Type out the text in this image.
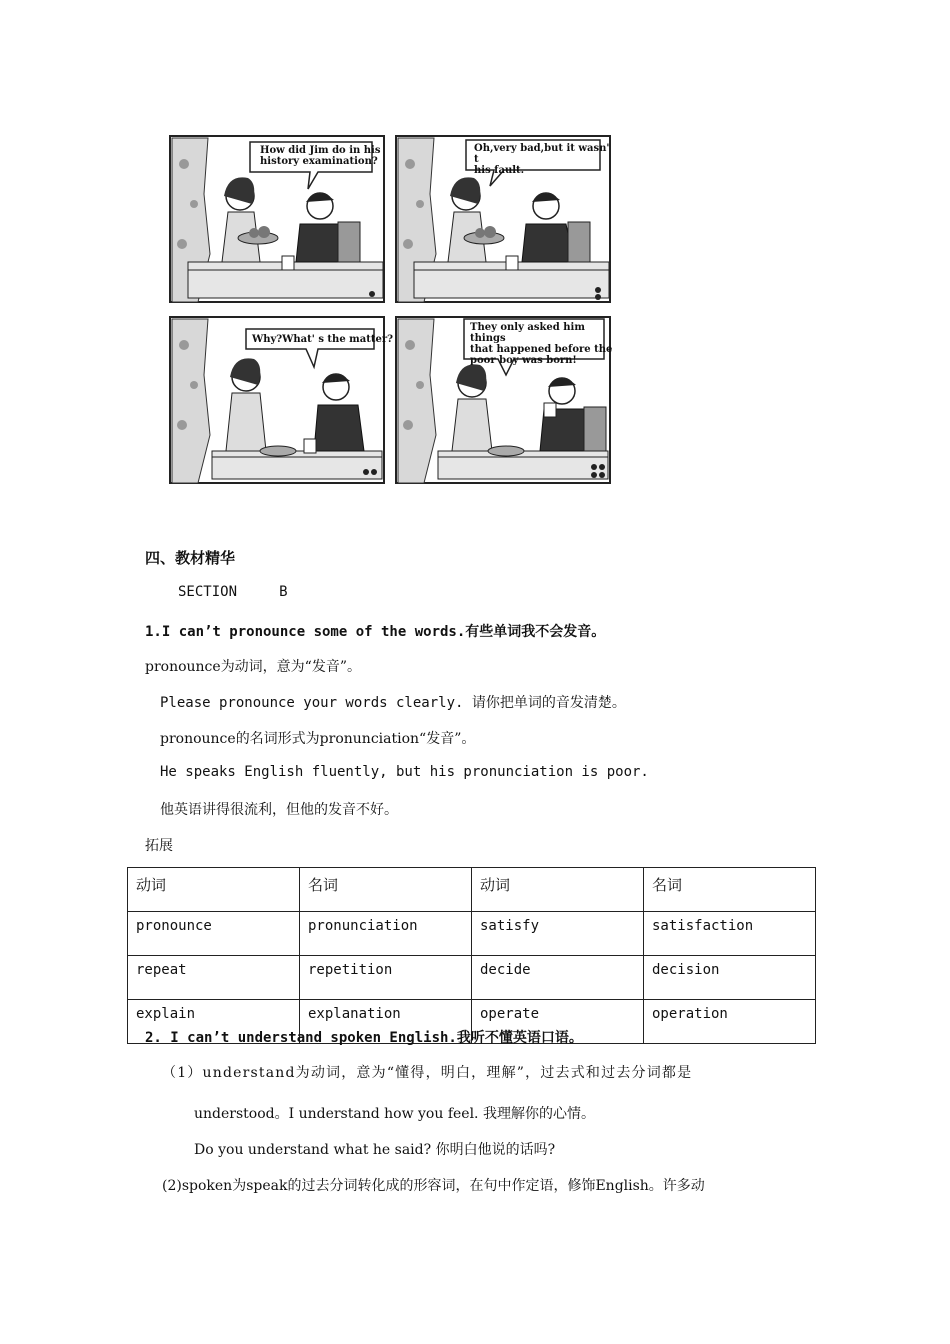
How did Jim do in his
history examination?
Oh,very bad,but it wasn' t
his fault.
Why?What' s the matter?
They only asked him things
that happened before the
poor boy was born!
四、教材精华
SECTION     B
1.I can’t pronounce some of the words.有些单词我不会发音。
pronounce为动词，意为“发音”。
Please pronounce your words clearly. 请你把单词的音发清楚。
pronounce的名词形式为pronunciation“发音”。
He speaks English fluently, but his pronunciation is poor.
他英语讲得很流利，但他的发音不好。
拓展
动词	名词	动词	名词
pronounce	pronunciation	satisfy	satisfaction
repeat	repetition	decide	decision
explain	explanation	operate	operation
2. I can’t understand spoken English.我听不懂英语口语。
（1）understand为动词，意为“懂得，明白，理解”，过去式和过去分词都是
understood。I understand how you feel. 我理解你的心情。
Do you understand what he said? 你明白他说的话吗?
(2)spoken为speak的过去分词转化成的形容词，在句中作定语，修饰English。许多动
